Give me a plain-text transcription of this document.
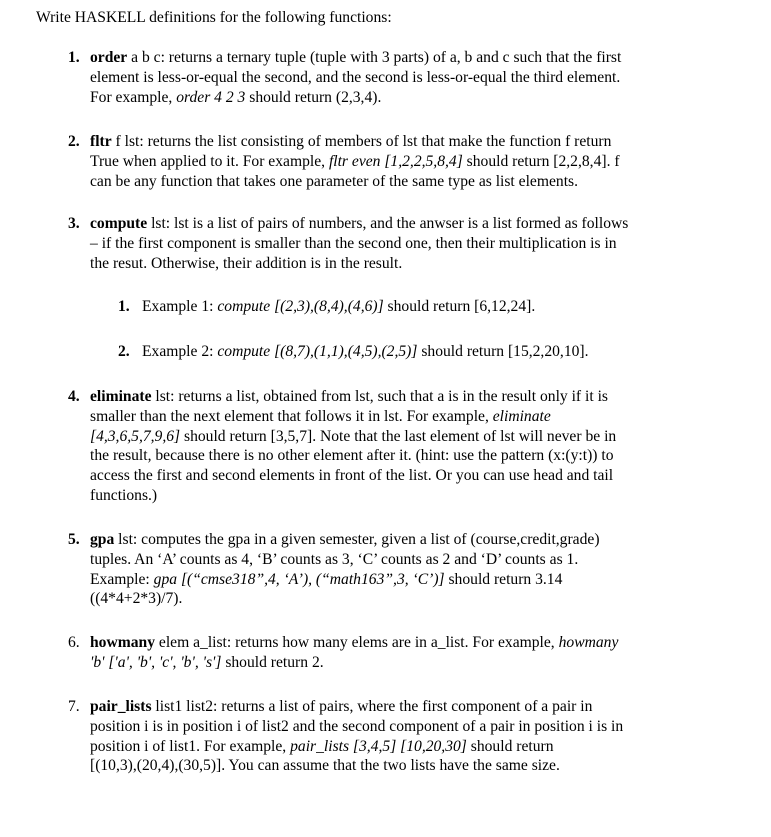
Write HASKELL definitions for the following functions:
1. order a b c: returns a ternary tuple (tuple with 3 parts) of a, b and c such that the first
element is less-or-equal the second, and the second is less-or-equal the third element.
For example, order 4 2 3 should return (2,3,4).
2. fltr f lst: returns the list consisting of members of lst that make the function f return
True when applied to it. For example, fltr even [1,2,2,5,8,4] should return [2,2,8,4]. f
can be any function that takes one parameter of the same type as list elements.
3. compute lst: lst is a list of pairs of numbers, and the anwser is a list formed as follows
– if the first component is smaller than the second one, then their multiplication is in
the resut. Otherwise, their addition is in the result.
1. Example 1: compute [(2,3),(8,4),(4,6)] should return [6,12,24].
2. Example 2: compute [(8,7),(1,1),(4,5),(2,5)] should return [15,2,20,10].
4. eliminate lst: returns a list, obtained from lst, such that a is in the result only if it is
smaller than the next element that follows it in lst. For example, eliminate
[4,3,6,5,7,9,6] should return [3,5,7]. Note that the last element of lst will never be in
the result, because there is no other element after it. (hint: use the pattern (x:(y:t)) to
access the first and second elements in front of the list. Or you can use head and tail
functions.)
5. gpa lst: computes the gpa in a given semester, given a list of (course,credit,grade)
tuples. An ‘A’ counts as 4, ‘B’ counts as 3, ‘C’ counts as 2 and ‘D’ counts as 1.
Example: gpa [(“cmse318”,4, ‘A’), (“math163”,3, ‘C’)] should return 3.14
((4*4+2*3)/7).
6. howmany elem a_list: returns how many elems are in a_list. For example, howmany
'b' ['a', 'b', 'c', 'b', 's'] should return 2.
7. pair_lists list1 list2: returns a list of pairs, where the first component of a pair in
position i is in position i of list2 and the second component of a pair in position i is in
position i of list1. For example, pair_lists [3,4,5] [10,20,30] should return
[(10,3),(20,4),(30,5)]. You can assume that the two lists have the same size.
